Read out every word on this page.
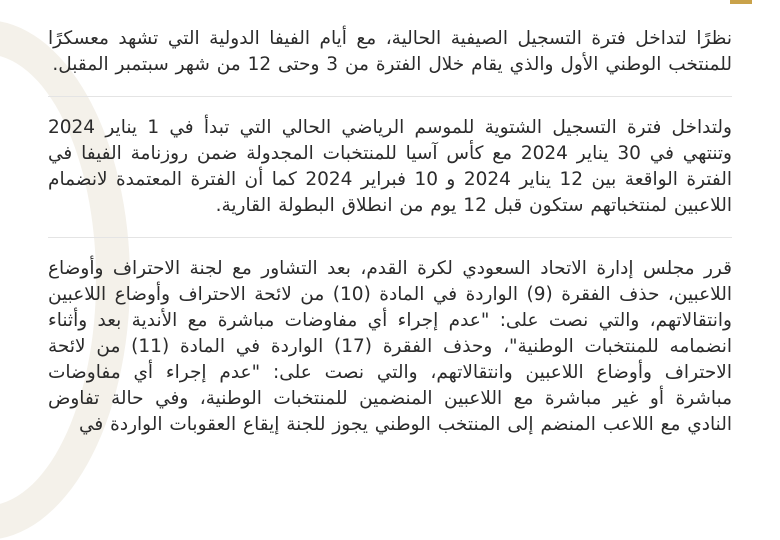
نظرًا لتداخل فترة التسجيل الصيفية الحالية، مع أيام الفيفا الدولية التي تشهد معسكرًا للمنتخب الوطني الأول والذي يقام خلال الفترة من 3 وحتى 12 من شهر سبتمبر المقبل.

ولتداخل فترة التسجيل الشتوية للموسم الرياضي الحالي التي تبدأ في 1 يناير 2024 وتنتهي في 30 يناير 2024 مع كأس آسيا للمنتخبات المجدولة ضمن روزنامة الفيفا في الفترة الواقعة بين 12 يناير 2024 و 10 فبراير 2024 كما أن الفترة المعتمدة لانضمام اللاعبين لمنتخباتهم ستكون قبل 12 يوم من انطلاق البطولة القارية.

قرر مجلس إدارة الاتحاد السعودي لكرة القدم، بعد التشاور مع لجنة الاحتراف وأوضاع اللاعبين، حذف الفقرة (9) الواردة في المادة (10) من لائحة الاحتراف وأوضاع اللاعبين وانتقالاتهم، والتي نصت على: "عدم إجراء أي مفاوضات مباشرة مع الأندية بعد وأثناء انضمامه للمنتخبات الوطنية"، وحذف الفقرة (17) الواردة في المادة (11) من لائحة الاحتراف وأوضاع اللاعبين وانتقالاتهم، والتي نصت على: "عدم إجراء أي مفاوضات مباشرة أو غير مباشرة مع اللاعبين المنضمين للمنتخبات الوطنية، وفي حالة تفاوض النادي مع اللاعب المنضم إلى المنتخب الوطني يجوز للجنة إيقاع العقوبات الواردة في
